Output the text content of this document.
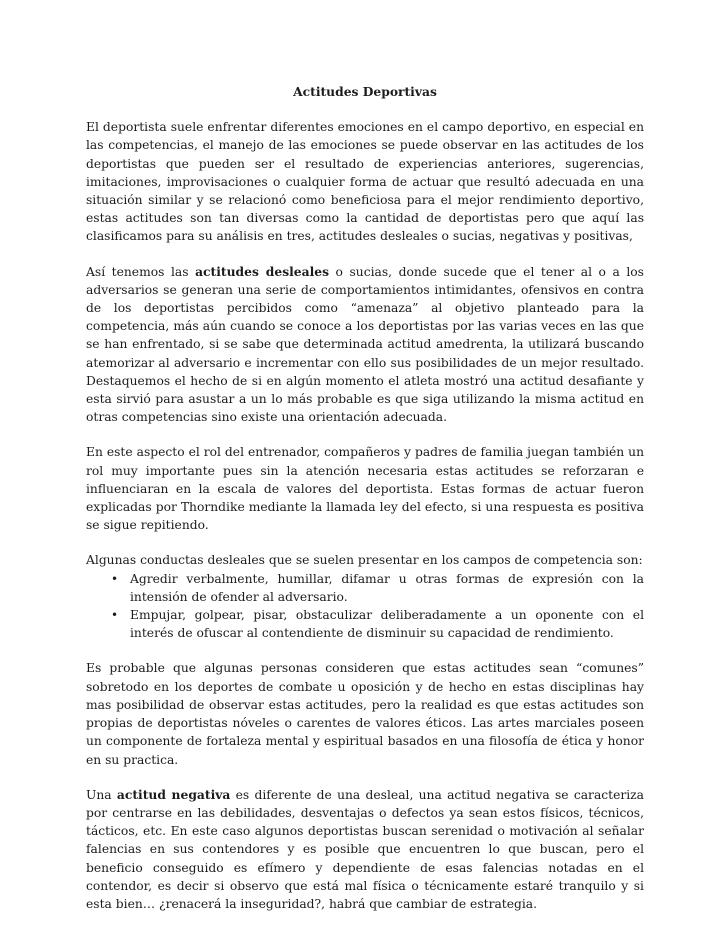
Actitudes Deportivas

El deportista suele enfrentar diferentes emociones en el campo deportivo, en especial en las competencias, el manejo de las emociones se puede observar en las actitudes de los deportistas que pueden ser el resultado de experiencias anteriores, sugerencias, imitaciones, improvisaciones o cualquier forma de actuar que resultó adecuada en una situación similar y se relacionó como beneficiosa para el mejor rendimiento deportivo, estas actitudes son tan diversas como la cantidad de deportistas pero que aquí las clasificamos para su análisis en tres, actitudes desleales o sucias, negativas y positivas,

Así tenemos las actitudes desleales o sucias, donde sucede que el tener al o a los adversarios se generan una serie de comportamientos intimidantes, ofensivos en contra de los deportistas percibidos como “amenaza” al objetivo planteado para la competencia, más aún cuando se conoce a los deportistas por las varias veces en las que se han enfrentado, si se sabe que determinada actitud amedrenta, la utilizará buscando atemorizar al adversario e incrementar con ello sus posibilidades de un mejor resultado. Destaquemos el hecho de si en algún momento el atleta mostró una actitud desafiante y esta sirvió para asustar a un lo más probable es que siga utilizando la misma actitud en otras competencias sino existe una orientación adecuada.

En este aspecto el rol del entrenador, compañeros y padres de familia juegan también un rol muy importante pues sin la atención necesaria estas actitudes se reforzaran e influenciaran en la escala de valores del deportista. Estas formas de actuar fueron explicadas por Thorndike mediante la llamada ley del efecto, si una respuesta es positiva se sigue repitiendo.

Algunas conductas desleales que se suelen presentar en los campos de competencia son:

• Agredir verbalmente, humillar, difamar u otras formas de expresión con la intensión de ofender al adversario.
• Empujar, golpear, pisar, obstaculizar deliberadamente a un oponente con el interés de ofuscar al contendiente de disminuir su capacidad de rendimiento.

Es probable que algunas personas consideren que estas actitudes sean “comunes” sobretodo en los deportes de combate u oposición y de hecho en estas disciplinas hay mas posibilidad de observar estas actitudes, pero la realidad es que estas actitudes son propias de deportistas nóveles o carentes de valores éticos. Las artes marciales poseen un componente de fortaleza mental y espiritual basados en una filosofía de ética y honor en su practica.

Una actitud negativa es diferente de una desleal, una actitud negativa se caracteriza por centrarse en las debilidades, desventajas o defectos ya sean estos físicos, técnicos, tácticos, etc. En este caso algunos deportistas buscan serenidad o motivación al señalar falencias en sus contendores y es posible que encuentren lo que buscan, pero el beneficio conseguido es efímero y dependiente de esas falencias notadas en el contendor, es decir si observo que está mal física o técnicamente estaré tranquilo y si esta bien… ¿renacerá la inseguridad?, habrá que cambiar de estrategia.
